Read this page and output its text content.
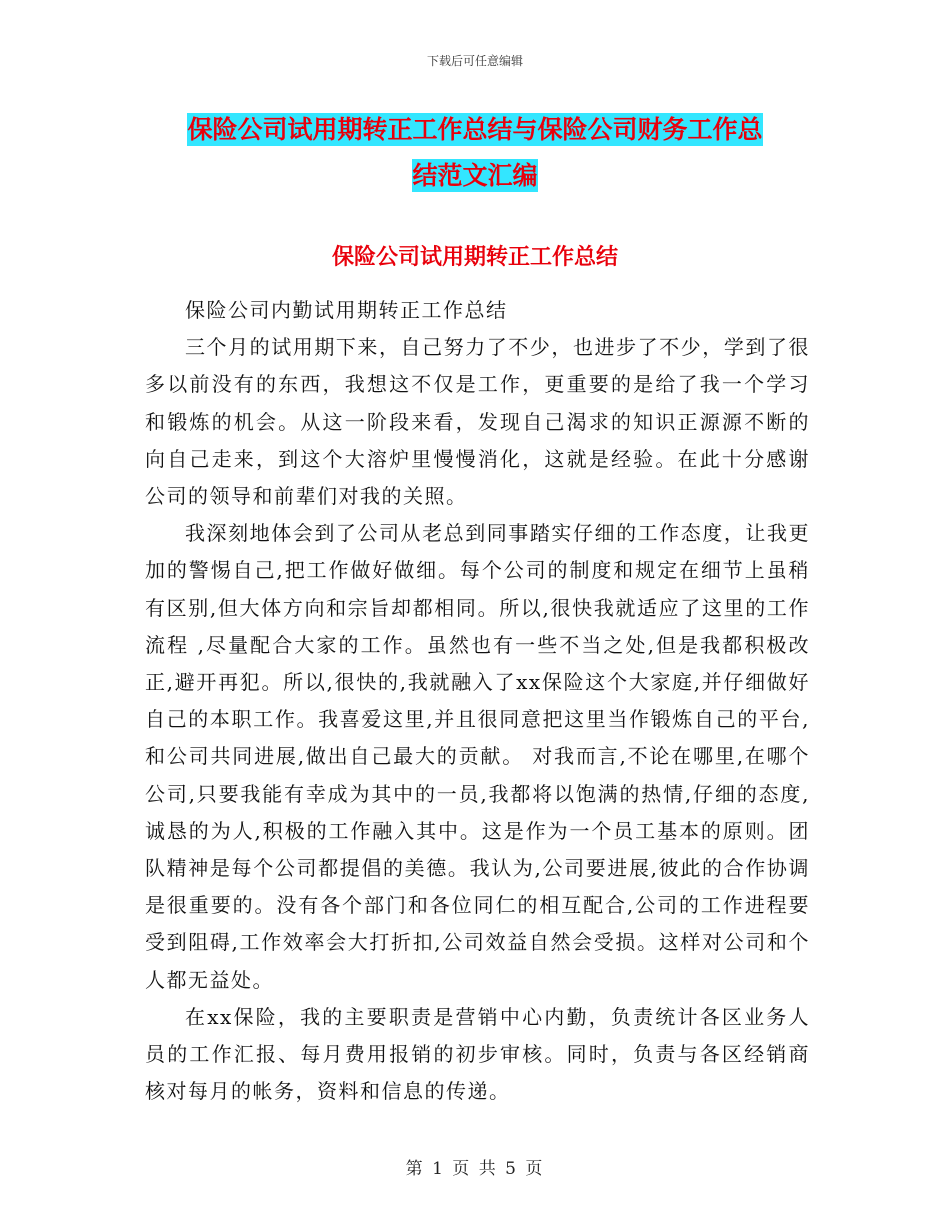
下载后可任意编辑
保险公司试用期转正工作总结与保险公司财务工作总
结范文汇编
保险公司试用期转正工作总结

保险公司内勤试用期转正工作总结

三个月的试用期下来，自己努力了不少，也进步了不少，学到了很多以前没有的东西，我想这不仅是工作，更重要的是给了我一个学习和锻炼的机会。从这一阶段来看，发现自己渴求的知识正源源不断的向自己走来，到这个大溶炉里慢慢消化，这就是经验。在此十分感谢公司的领导和前辈们对我的关照。

我深刻地体会到了公司从老总到同事踏实仔细的工作态度，让我更加的警惕自己,把工作做好做细。每个公司的制度和规定在细节上虽稍有区别,但大体方向和宗旨却都相同。所以,很快我就适应了这里的工作 流程 ,尽量配合大家的工作。虽然也有一些不当之处,但是我都积极改正,避开再犯。所以,很快的,我就融入了xx保险这个大家庭,并仔细做好自己的本职工作。我喜爱这里,并且很同意把这里当作锻炼自己的平台,和公司共同进展,做出自己最大的贡献。 对我而言,不论在哪里,在哪个公司,只要我能有幸成为其中的一员,我都将以饱满的热情,仔细的态度,诚恳的为人,积极的工作融入其中。这是作为一个员工基本的原则。团队精神是每个公司都提倡的美德。我认为,公司要进展,彼此的合作协调是很重要的。没有各个部门和各位同仁的相互配合,公司的工作进程要受到阻碍,工作效率会大打折扣,公司效益自然会受损。这样对公司和个人都无益处。

在xx保险，我的主要职责是营销中心内勤，负责统计各区业务人员的工作汇报、每月费用报销的初步审核。同时，负责与各区经销商核对每月的帐务，资料和信息的传递。

第 1 页 共 5 页
